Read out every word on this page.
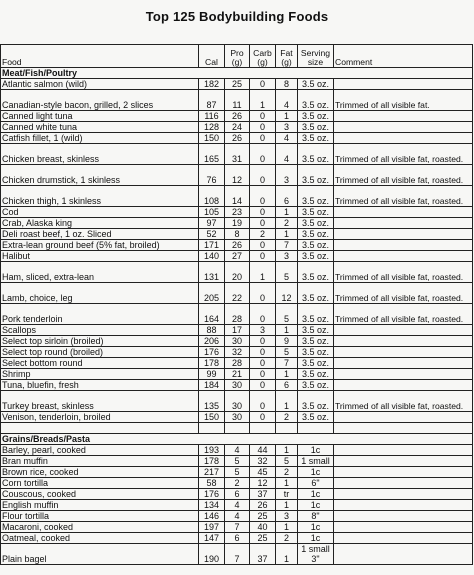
Top 125 Bodybuilding Foods
Food	Cal	Pro (g)	Carb (g)	Fat (g)	Serving size	Comment
Meat/Fish/Poultry						
Atlantic salmon (wild)	182	25	0	8	3.5 oz.	
Canadian-style bacon, grilled, 2 slices	87	11	1	4	3.5 oz.	Trimmed of all visible fat.
Canned light tuna	116	26	0	1	3.5 oz.	
Canned white tuna	128	24	0	3	3.5 oz.	
Catfish fillet, 1 (wild)	150	26	0	4	3.5 oz.	
Chicken breast, skinless	165	31	0	4	3.5 oz.	Trimmed of all visible fat, roasted.
Chicken drumstick, 1 skinless	76	12	0	3	3.5 oz.	Trimmed of all visible fat, roasted.
Chicken thigh, 1 skinless	108	14	0	6	3.5 oz.	Trimmed of all visible fat, roasted.
Cod	105	23	0	1	3.5 oz.	
Crab, Alaska king	97	19	0	2	3.5 oz.	
Deli roast beef, 1 oz. Sliced	52	8	2	1	3.5 oz.	
Extra-lean ground beef (5% fat, broiled)	171	26	0	7	3.5 oz.	
Halibut	140	27	0	3	3.5 oz.	
Ham, sliced, extra-lean	131	20	1	5	3.5 oz.	Trimmed of all visible fat, roasted.
Lamb, choice, leg	205	22	0	12	3.5 oz.	Trimmed of all visible fat, roasted.
Pork tenderloin	164	28	0	5	3.5 oz.	Trimmed of all visible fat, roasted.
Scallops	88	17	3	1	3.5 oz.	
Select top sirloin (broiled)	206	30	0	9	3.5 oz.	
Select top round (broiled)	176	32	0	5	3.5 oz.	
Select bottom round	178	28	0	7	3.5 oz.	
Shrimp	99	21	0	1	3.5 oz.	
Tuna, bluefin, fresh	184	30	0	6	3.5 oz.	
Turkey breast, skinless	135	30	0	1	3.5 oz.	Trimmed of all visible fat, roasted.
Venison, tenderloin, broiled	150	30	0	2	3.5 oz.	

Grains/Breads/Pasta						
Barley, pearl, cooked	193	4	44	1	1c	
Bran muffin	178	5	32	5	1 small	
Brown rice, cooked	217	5	45	2	1c	
Corn tortilla	58	2	12	1	6"	
Couscous, cooked	176	6	37	tr	1c	
English muffin	134	4	26	1	1c	
Flour tortilla	146	4	25	3	8"	
Macaroni, cooked	197	7	40	1	1c	
Oatmeal, cooked	147	6	25	2	1c	
Plain bagel	190	7	37	1	1 small 3"	
